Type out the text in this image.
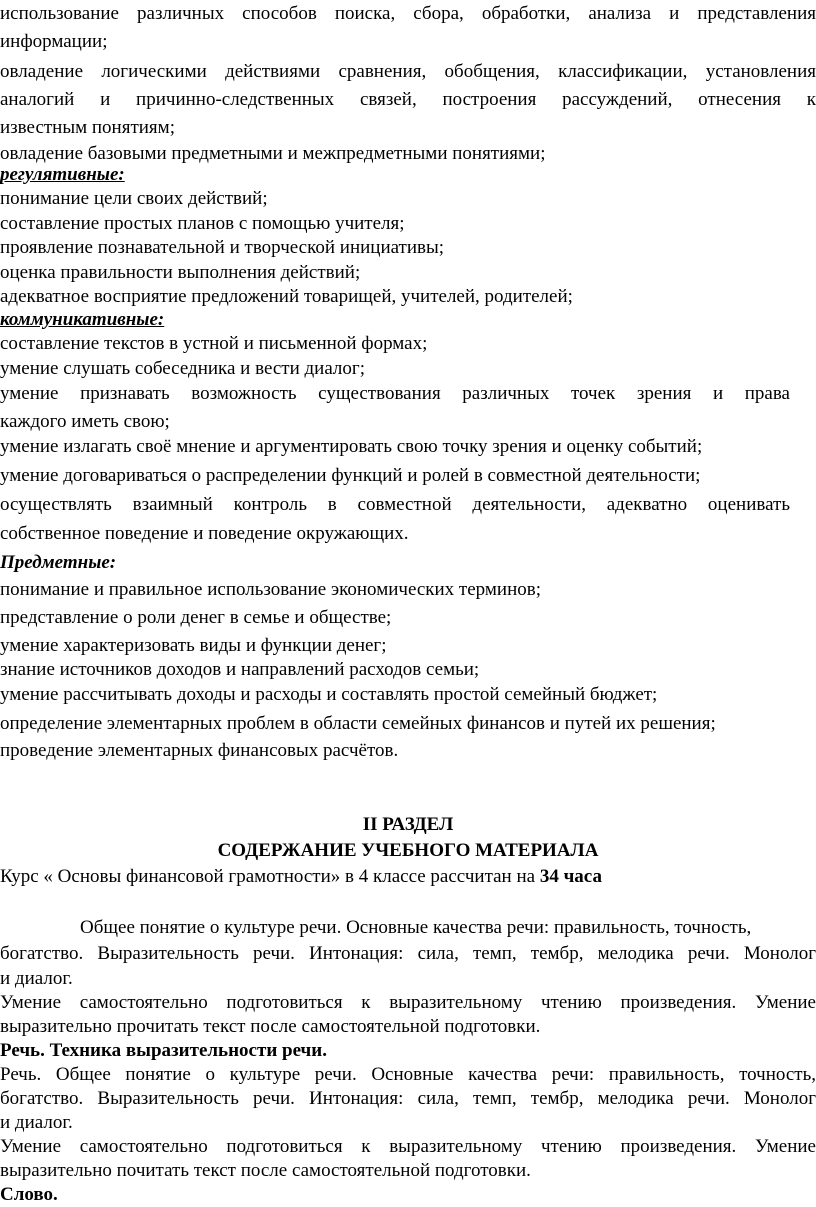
использование различных способов поиска, сбора, обработки, анализа и представления
информации;
овладение логическими действиями сравнения, обобщения, классификации, установления
аналогий и причинно-следственных связей, построения рассуждений, отнесения к
известным понятиям;
овладение базовыми предметными и межпредметными понятиями;
регулятивные:
понимание цели своих действий;
составление простых планов с помощью учителя;
проявление познавательной и творческой инициативы;
оценка правильности выполнения действий;
адекватное восприятие предложений товарищей, учителей, родителей;
коммуникативные:
составление текстов в устной и письменной формах;
умение слушать собеседника и вести диалог;
умение признавать возможность существования различных точек зрения и права
каждого иметь свою;
умение излагать своё мнение и аргументировать свою точку зрения и оценку событий;
умение договариваться о распределении функций и ролей в совместной деятельности;
осуществлять взаимный контроль в совместной деятельности, адекватно оценивать
собственное поведение и поведение окружающих.
Предметные:
понимание и правильное использование экономических терминов;
представление о роли денег в семье и обществе;
умение характеризовать виды и функции денег;
знание источников доходов и направлений расходов семьи;
умение рассчитывать доходы и расходы и составлять простой семейный бюджет;
определение элементарных проблем в области семейных финансов и путей их решения;
проведение элементарных финансовых расчётов.
II РАЗДЕЛ
СОДЕРЖАНИЕ УЧЕБНОГО МАТЕРИАЛА
Курс « Основы финансовой грамотности» в 4 классе рассчитан на 34 часа
Общее понятие о культуре речи. Основные качества речи: правильность, точность,
богатство. Выразительность речи. Интонация: сила, темп, тембр, мелодика речи. Монолог
и диалог.
Умение самостоятельно подготовиться к выразительному чтению произведения. Умение
выразительно прочитать текст после самостоятельной подготовки.
Речь. Техника выразительности речи.
Речь. Общее понятие о культуре речи. Основные качества речи: правильность, точность,
богатство. Выразительность речи. Интонация: сила, темп, тембр, мелодика речи. Монолог
и диалог.
Умение самостоятельно подготовиться к выразительному чтению произведения. Умение
выразительно почитать текст после самостоятельной подготовки.
Слово.
